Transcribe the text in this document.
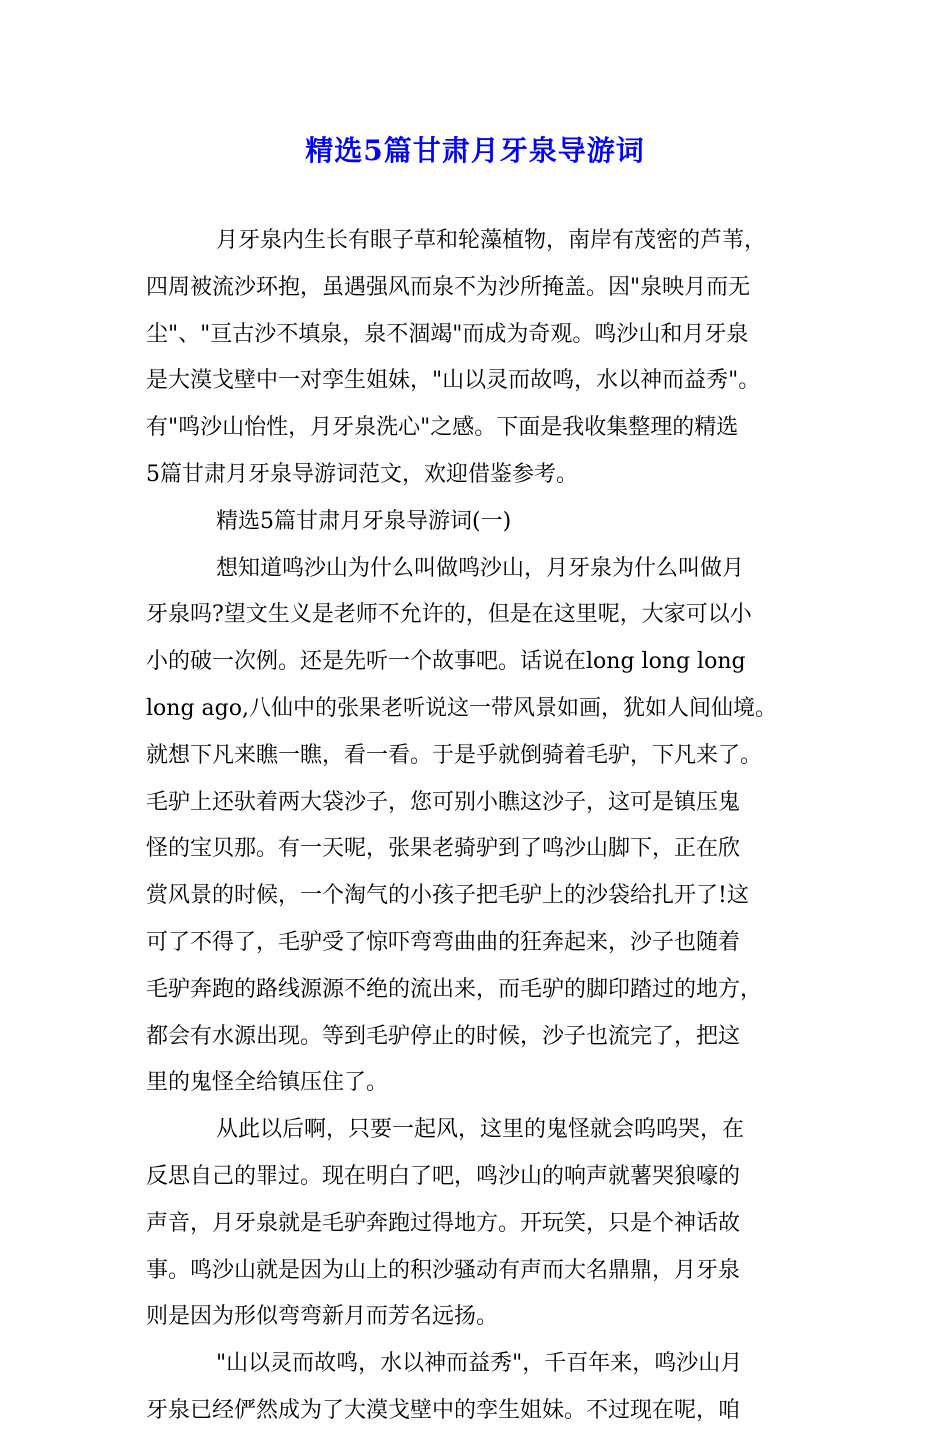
精选5篇甘肃月牙泉导游词
月牙泉内生长有眼子草和轮藻植物，南岸有茂密的芦苇，
四周被流沙环抱，虽遇强风而泉不为沙所掩盖。因"泉映月而无
尘"、"亘古沙不填泉，泉不涸竭"而成为奇观。鸣沙山和月牙泉
是大漠戈壁中一对孪生姐妹，"山以灵而故鸣，水以神而益秀"。
有"鸣沙山怡性，月牙泉洗心"之感。下面是我收集整理的精选
5篇甘肃月牙泉导游词范文，欢迎借鉴参考。
精选5篇甘肃月牙泉导游词(一)
想知道鸣沙山为什么叫做鸣沙山，月牙泉为什么叫做月
牙泉吗?望文生义是老师不允许的，但是在这里呢，大家可以小
小的破一次例。还是先听一个故事吧。话说在long long long
long ago,八仙中的张果老听说这一带风景如画，犹如人间仙境。
就想下凡来瞧一瞧，看一看。于是乎就倒骑着毛驴，下凡来了。
毛驴上还驮着两大袋沙子，您可别小瞧这沙子，这可是镇压鬼
怪的宝贝那。有一天呢，张果老骑驴到了鸣沙山脚下，正在欣
赏风景的时候，一个淘气的小孩子把毛驴上的沙袋给扎开了!这
可了不得了，毛驴受了惊吓弯弯曲曲的狂奔起来，沙子也随着
毛驴奔跑的路线源源不绝的流出来，而毛驴的脚印踏过的地方，
都会有水源出现。等到毛驴停止的时候，沙子也流完了，把这
里的鬼怪全给镇压住了。
从此以后啊，只要一起风，这里的鬼怪就会呜呜哭，在
反思自己的罪过。现在明白了吧，鸣沙山的响声就薯哭狼嚎的
声音，月牙泉就是毛驴奔跑过得地方。开玩笑，只是个神话故
事。鸣沙山就是因为山上的积沙骚动有声而大名鼎鼎，月牙泉
则是因为形似弯弯新月而芳名远扬。
"山以灵而故鸣，水以神而益秀"，千百年来，鸣沙山月
牙泉已经俨然成为了大漠戈壁中的孪生姐妹。不过现在呢，咱
